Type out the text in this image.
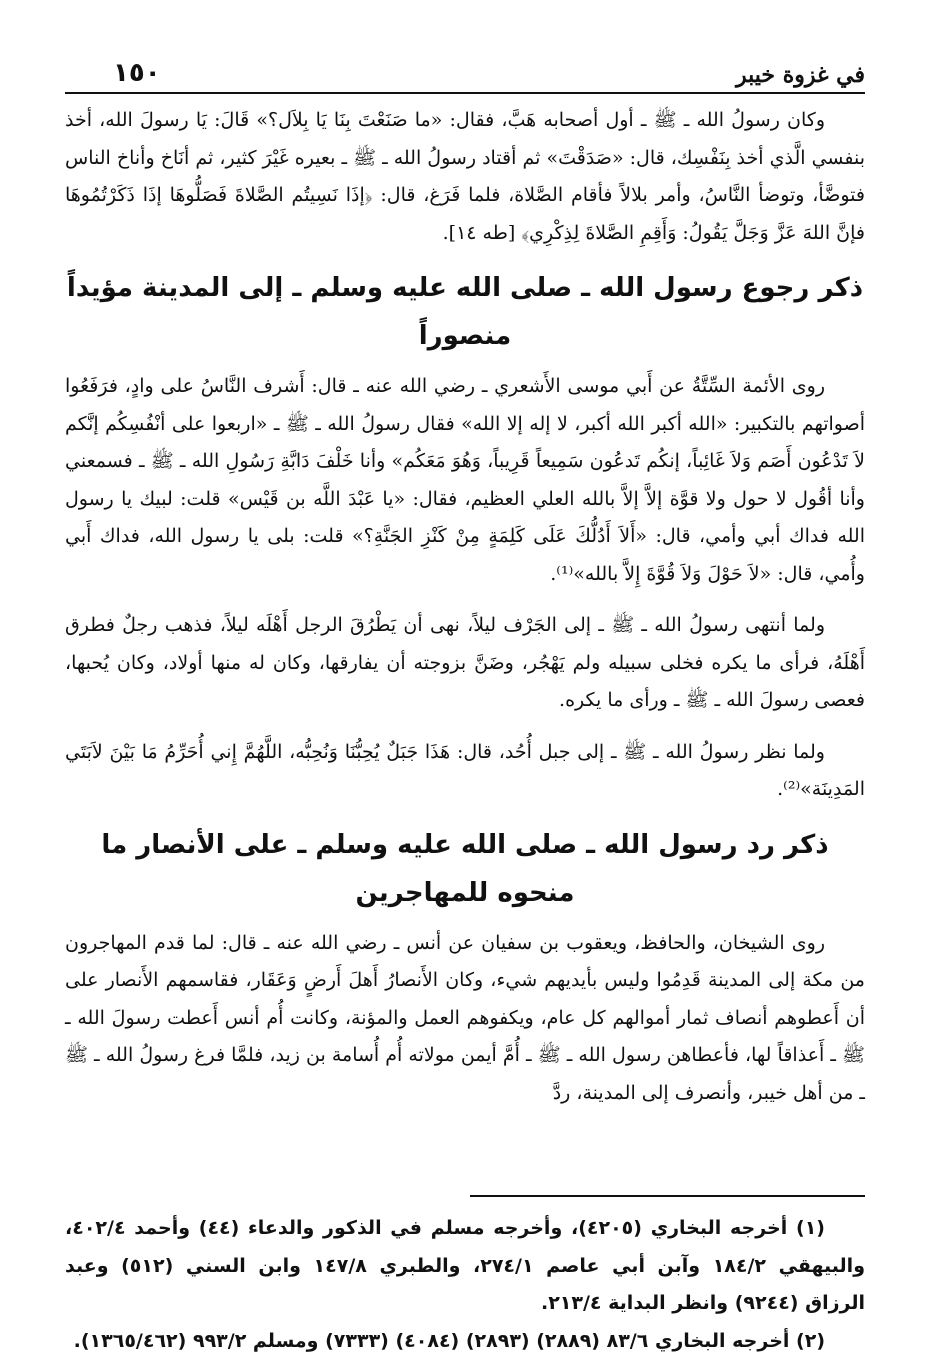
١٥٠	في غزوة خيبر

وكان رسولُ الله ـ ﷺ ـ أول أصحابه هَبَّ، فقال: «ما صَنَعْتَ بِنَا يَا بِلاَل؟» قَالَ: يَا رسولَ الله، أخذ بنفسي الَّذي أخذ بِنَفْسِك، قال: «صَدَقْتَ» ثم أقتاد رسولُ الله ـ ﷺ ـ بعيره غَيْرَ كثير، ثم أنَاخ وأناخ الناس فتوضَّأ، وتوضأ النَّاسُ، وأمر بلالاً فأقام الصَّلاة، فلما فَرَغ، قال: ﴿إذَا نَسِيتُم الصَّلاةَ فَصَلُّوهَا إذَا ذَكَرْتُمُوهَا فإنَّ اللهَ عَزَّ وَجَلَّ يَقُولُ: وَأَقِمِ الصَّلاةَ لِذِكْرِي﴾ [طه ١٤].

ذكر رجوع رسول الله ـ صلى الله عليه وسلم ـ إلى المدينة مؤيداً منصوراً

روى الأئمة السِّتَّةُ عن أَبي موسى الأَشعري ـ رضي الله عنه ـ قال: أَشرف النَّاسُ على وادٍ، فرَفَعُوا أصواتهم بالتكبير: «الله أكبر الله أكبر، لا إله إلا الله» فقال رسولُ الله ـ ﷺ ـ «اربعوا على أنْفُسِكُم إنَّكم لاَ تَدْعُون أَصَم وَلاَ غَائِباً، إنكُم تَدعُون سَمِيعاً قَرِيباً، وَهُوَ مَعَكُم» وأنا خَلْفَ دَابَّةِ رَسُولِ الله ـ ﷺ ـ فسمعني وأنا أقُول لا حول ولا قوَّة إلاَّ إلاَّ بالله العلي العظيم، فقال: «يا عَبْدَ اللَّه بن قَيْس» قلت: لبيك يا رسول الله فداك أبي وأمي، قال: «أَلاَ أَدُلُّكَ عَلَى كَلِمَةٍ مِنْ كَنْزِ الجَنَّةِ؟» قلت: بلى يا رسول الله، فداك أَبي وأُمي، قال: «لاَ حَوْلَ وَلاَ قُوَّةَ إِلاَّ بالله»⁽¹⁾.

ولما أنتهى رسولُ الله ـ ﷺ ـ إلى الجَرْف ليلاً، نهى أن يَطْرُقَ الرجل أَهْلَه ليلاً، فذهب رجلٌ فطرق أَهْلَهُ، فرأى ما يكره فخلى سبيله ولم يَهْجُر، وضَنَّ بزوجته أن يفارقها، وكان له منها أولاد، وكان يُحبها، فعصى رسولَ الله ـ ﷺ ـ ورأى ما يكره.

ولما نظر رسولُ الله ـ ﷺ ـ إلى جبل أُحُد، قال: هَذَا جَبَلٌ يُحِبُّنَا وَنُحِبُّه، اللَّهُمَّ إِني أُحَرِّمُ مَا بَيْنَ لاَبَتَي المَدِينَة»⁽²⁾.

ذكر رد رسول الله ـ صلى الله عليه وسلم ـ على الأنصار ما منحوه للمهاجرين

روى الشيخان، والحافظ، ويعقوب بن سفيان عن أنس ـ رضي الله عنه ـ قال: لما قدم المهاجرون من مكة إلى المدينة قَدِمُوا وليس بأيديهم شيء، وكان الأَنصارُ أَهلَ أَرضٍ وَعَقَار، فقاسمهم الأَنصار على أن أَعطوهم أنصاف ثمار أموالهم كل عام، ويكفوهم العمل والمؤنة، وكانت أُم أنس أَعطت رسولَ الله ـ ﷺ ـ أَعذاقاً لها، فأعطاهن رسول الله ـ ﷺ ـ أُمَّ أيمن مولاته أُم أُسامة بن زيد، فلمَّا فرغ رسولُ الله ـ ﷺ ـ من أهل خيبر، وأنصرف إلى المدينة، ردَّ

(١) أخرجه البخاري (٤٢٠٥)، وأخرجه مسلم في الذكور والدعاء (٤٤) وأحمد ٤٠٢/٤، والبيهقي ١٨٤/٢ وآبن أبي عاصم ٢٧٤/١، والطبري ١٤٧/٨ وابن السني (٥١٢) وعبد الرزاق (٩٢٤٤) وانظر البداية ٢١٣/٤.

(٢) أخرجه البخاري ٨٣/٦ (٢٨٨٩) (٢٨٩٣) (٤٠٨٤) (٧٣٣٣) ومسلم ٩٩٣/٢ (١٣٦٥/٤٦٢).
